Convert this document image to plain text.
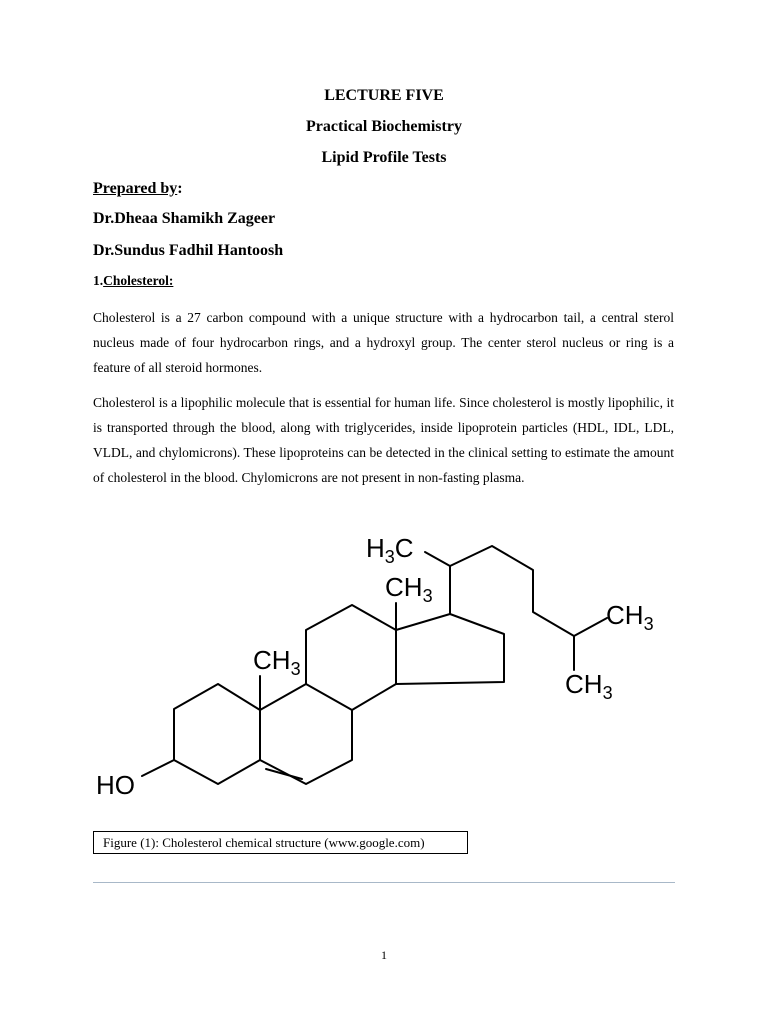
LECTURE FIVE
Practical Biochemistry
Lipid Profile Tests
Prepared by:
Dr.Dheaa Shamikh Zageer
Dr.Sundus Fadhil Hantoosh
1.Cholesterol:
Cholesterol is a 27 carbon compound with a unique structure with a hydrocarbon tail, a central sterol nucleus made of four hydrocarbon rings, and a hydroxyl group. The center sterol nucleus or ring is a feature of all steroid hormones.
Cholesterol is a lipophilic molecule that is essential for human life. Since cholesterol is mostly lipophilic, it is transported through the blood, along with triglycerides, inside lipoprotein particles (HDL, IDL, LDL, VLDL, and chylomicrons). These lipoproteins can be detected in the clinical setting to estimate the amount of cholesterol in the blood. Chylomicrons are not present in non-fasting plasma.
$H_3C$
$CH_3$
$CH_3$
$CH_3$
$CH_3$
HO
Figure (1): Cholesterol chemical structure (www.google.com)
1
